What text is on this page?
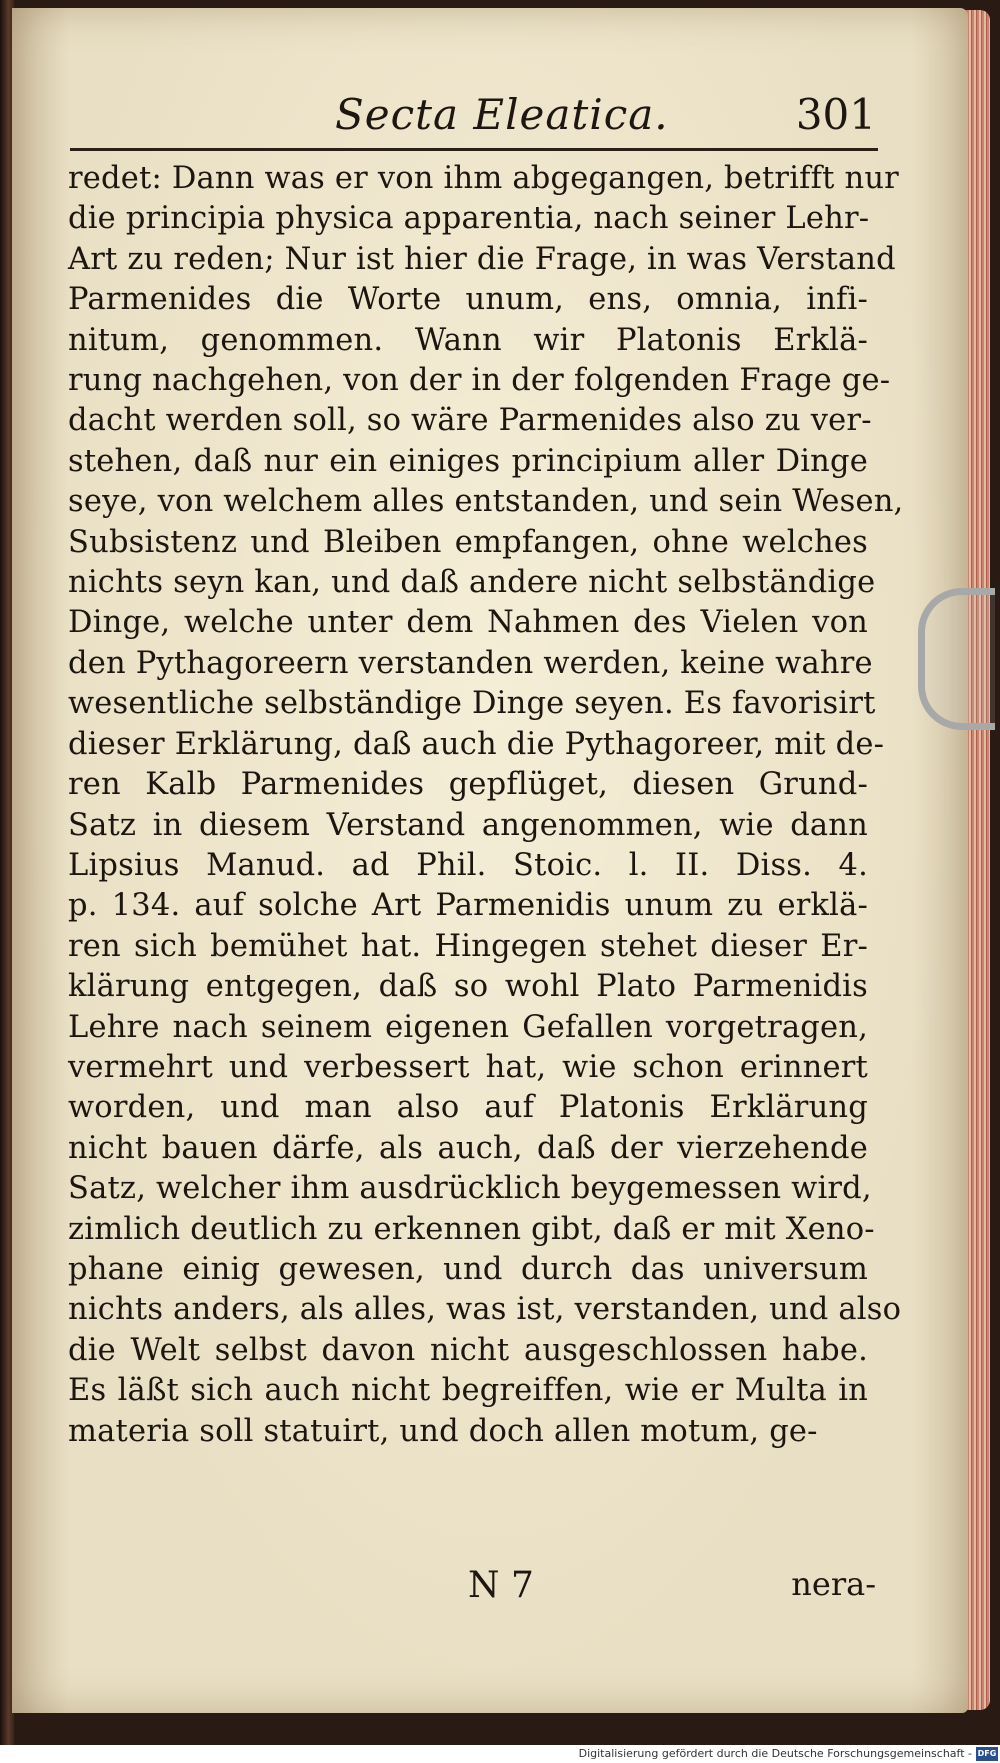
Secta Eleatica.	301
redet: Dann was er von ihm abgegangen, betrifft nur
die principia physica apparentia, nach seiner Lehr-
Art zu reden; Nur ist hier die Frage, in was Verstand
Parmenides die Worte unum, ens, omnia, infi-
nitum, genommen. Wann wir Platonis Erklä-
rung nachgehen, von der in der folgenden Frage ge-
dacht werden soll, so wäre Parmenides also zu ver-
stehen, daß nur ein einiges principium aller Dinge
seye, von welchem alles entstanden, und sein Wesen,
Subsistenz und Bleiben empfangen, ohne welches
nichts seyn kan, und daß andere nicht selbständige
Dinge, welche unter dem Nahmen des Vielen von
den Pythagoreern verstanden werden, keine wahre
wesentliche selbständige Dinge seyen. Es favorisirt
dieser Erklärung, daß auch die Pythagoreer, mit de-
ren Kalb Parmenides gepflüget, diesen Grund-
Satz in diesem Verstand angenommen, wie dann
Lipsius Manud. ad Phil. Stoic. l. II. Diss. 4.
p. 134. auf solche Art Parmenidis unum zu erklä-
ren sich bemühet hat. Hingegen stehet dieser Er-
klärung entgegen, daß so wohl Plato Parmenidis
Lehre nach seinem eigenen Gefallen vorgetragen,
vermehrt und verbessert hat, wie schon erinnert
worden, und man also auf Platonis Erklärung
nicht bauen därfe, als auch, daß der vierzehende
Satz, welcher ihm ausdrücklich beygemessen wird,
zimlich deutlich zu erkennen gibt, daß er mit Xeno-
phane einig gewesen, und durch das universum
nichts anders, als alles, was ist, verstanden, und also
die Welt selbst davon nicht ausgeschlossen habe.
Es läßt sich auch nicht begreiffen, wie er Multa in
materia soll statuirt, und doch allen motum, ge-
N 7	nera-
Digitalisierung gefördert durch die Deutsche Forschungsgemeinschaft - DFG
